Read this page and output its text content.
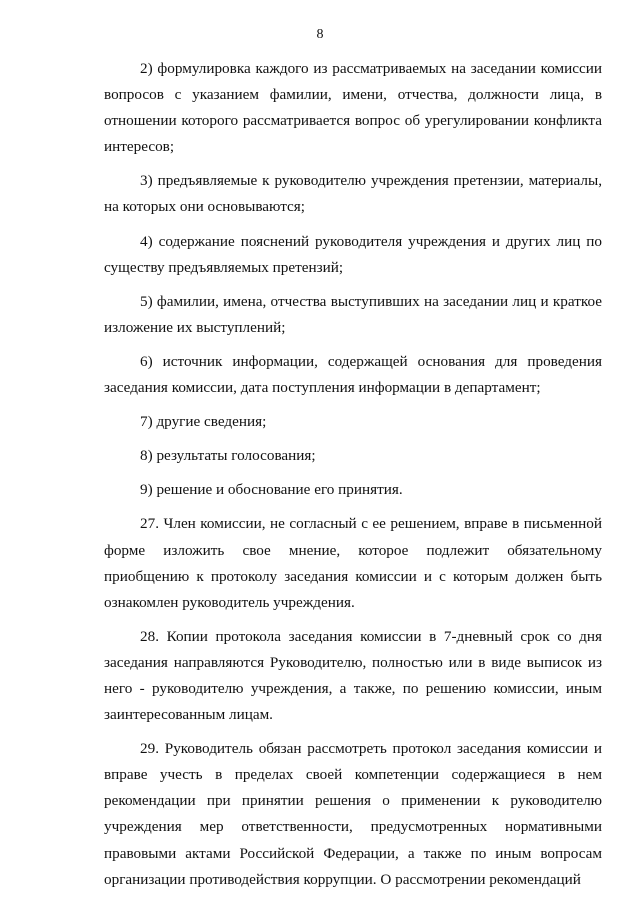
8

2) формулировка каждого из рассматриваемых на заседании комиссии вопросов с указанием фамилии, имени, отчества, должности лица, в отношении которого рассматривается вопрос об урегулировании конфликта интересов;

3) предъявляемые к руководителю учреждения претензии, материалы, на которых они основываются;

4) содержание пояснений руководителя учреждения и других лиц по существу предъявляемых претензий;

5) фамилии, имена, отчества выступивших на заседании лиц и краткое изложение их выступлений;

6) источник информации, содержащей основания для проведения заседания комиссии, дата поступления информации в департамент;

7) другие сведения;

8) результаты голосования;

9) решение и обоснование его принятия.

27. Член комиссии, не согласный с ее решением, вправе в письменной форме изложить свое мнение, которое подлежит обязательному приобщению к протоколу заседания комиссии и с которым должен быть ознакомлен руководитель учреждения.

28. Копии протокола заседания комиссии в 7-дневный срок со дня заседания направляются Руководителю, полностью или в виде выписок из него - руководителю учреждения, а также, по решению комиссии, иным заинтересованным лицам.

29. Руководитель обязан рассмотреть протокол заседания комиссии и вправе учесть в пределах своей компетенции содержащиеся в нем рекомендации при принятии решения о применении к руководителю учреждения мер ответственности, предусмотренных нормативными правовыми актами Российской Федерации, а также по иным вопросам организации противодействия коррупции. О рассмотрении рекомендаций
